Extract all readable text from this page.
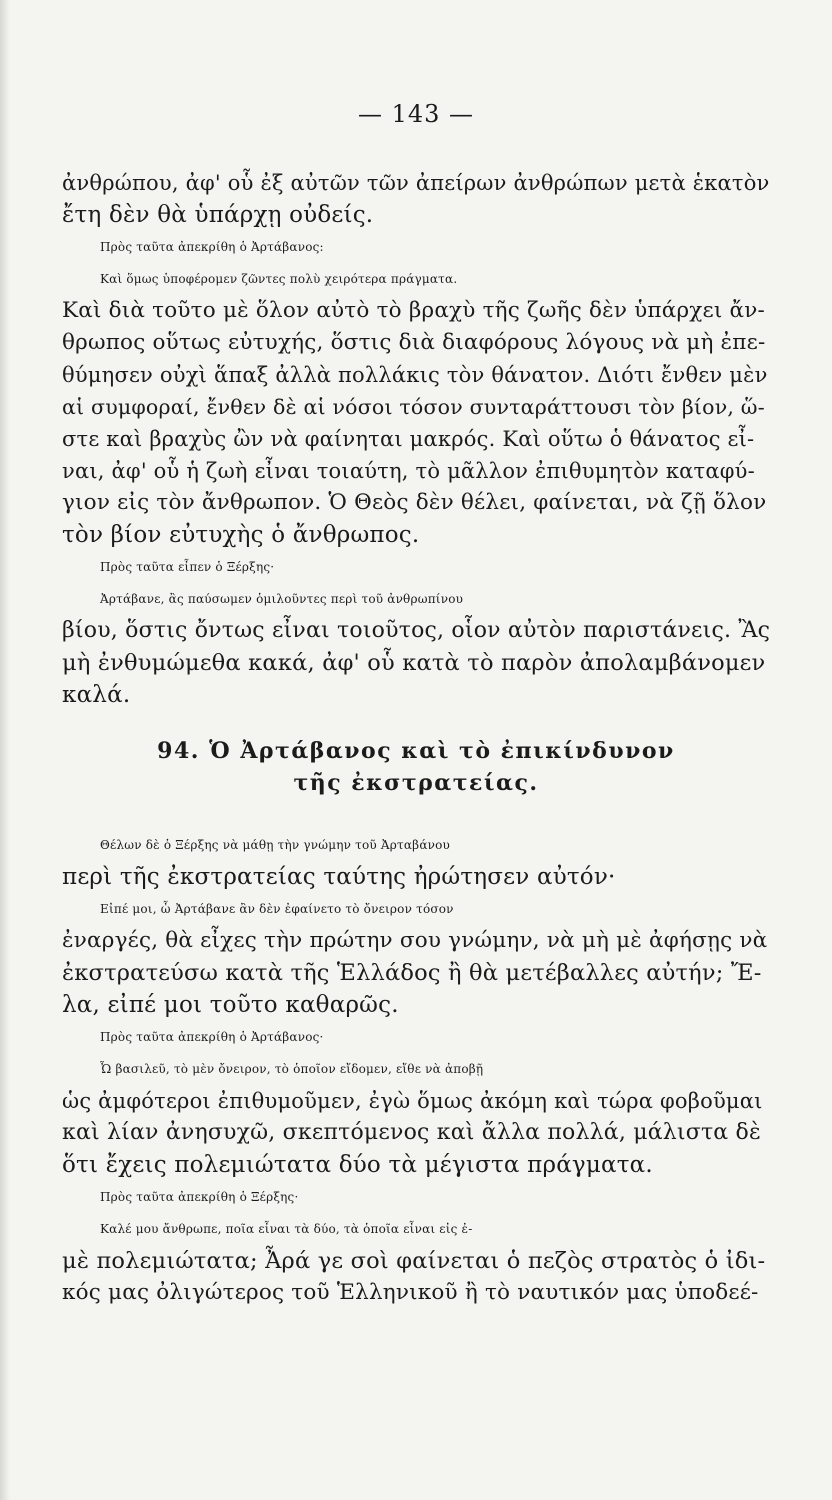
— 143 —
ἀνθρώπου, ἀφ' οὗ ἐξ αὐτῶν τῶν ἀπείρων ἀνθρώπων μετὰ ἑκατὸν
ἔτη δὲν θὰ ὑπάρχῃ οὐδείς.
Πρὸς ταῦτα ἀπεκρίθη ὁ Ἀρτάβανος:
Καὶ ὅμως ὑποφέρομεν ζῶντες πολὺ χειρότερα πράγματα.
Καὶ διὰ τοῦτο μὲ ὅλον αὐτὸ τὸ βραχὺ τῆς ζωῆς δὲν ὑπάρχει ἄν-
θρωπος οὕτως εὐτυχής, ὅστις διὰ διαφόρους λόγους νὰ μὴ ἐπε-
θύμησεν οὐχὶ ἅπαξ ἀλλὰ πολλάκις τὸν θάνατον. Διότι ἔνθεν μὲν
αἱ συμφοραί, ἔνθεν δὲ αἱ νόσοι τόσον συνταράττουσι τὸν βίον, ὥ-
στε καὶ βραχὺς ὢν νὰ φαίνηται μακρός. Καὶ οὕτω ὁ θάνατος εἶ-
ναι, ἀφ' οὗ ἡ ζωὴ εἶναι τοιαύτη, τὸ μᾶλλον ἐπιθυμητὸν καταφύ-
γιον εἰς τὸν ἄνθρωπον. Ὁ Θεὸς δὲν θέλει, φαίνεται, νὰ ζῇ ὅλον
τὸν βίον εὐτυχὴς ὁ ἄνθρωπος.
Πρὸς ταῦτα εἶπεν ὁ Ξέρξης·
Ἀρτάβανε, ἂς παύσωμεν ὁμιλοῦντες περὶ τοῦ ἀνθρωπίνου
βίου, ὅστις ὄντως εἶναι τοιοῦτος, οἷον αὐτὸν παριστάνεις. Ἂς
μὴ ἐνθυμώμεθα κακά, ἀφ' οὗ κατὰ τὸ παρὸν ἀπολαμβάνομεν
καλά.
94. Ὁ Ἀρτάβανος καὶ τὸ ἐπικίνδυνον
τῆς ἐκστρατείας.
Θέλων δὲ ὁ Ξέρξης νὰ μάθῃ τὴν γνώμην τοῦ Ἀρταβάνου
περὶ τῆς ἐκστρατείας ταύτης ἠρώτησεν αὐτόν·
Εἰπέ μοι, ὦ Ἀρτάβανε ἂν δὲν ἐφαίνετο τὸ ὄνειρον τόσον
ἐναργές, θὰ εἶχες τὴν πρώτην σου γνώμην, νὰ μὴ μὲ ἀφήσῃς νὰ
ἐκστρατεύσω κατὰ τῆς Ἑλλάδος ἢ θὰ μετέβαλλες αὐτήν; Ἔ-
λα, εἰπέ μοι τοῦτο καθαρῶς.
Πρὸς ταῦτα ἀπεκρίθη ὁ Ἀρτάβανος·
Ὦ βασιλεῦ, τὸ μὲν ὄνειρον, τὸ ὁποῖον εἴδομεν, εἴθε νὰ ἀποβῇ
ὡς ἀμφότεροι ἐπιθυμοῦμεν, ἐγὼ ὅμως ἀκόμη καὶ τώρα φοβοῦμαι
καὶ λίαν ἀνησυχῶ, σκεπτόμενος καὶ ἄλλα πολλά, μάλιστα δὲ
ὅτι ἔχεις πολεμιώτατα δύο τὰ μέγιστα πράγματα.
Πρὸς ταῦτα ἀπεκρίθη ὁ Ξέρξης·
Καλέ μου ἄνθρωπε, ποῖα εἶναι τὰ δύο, τὰ ὁποῖα εἶναι εἰς ἐ-
μὲ πολεμιώτατα; Ἆρά γε σοὶ φαίνεται ὁ πεζὸς στρατὸς ὁ ἰδι-
κός μας ὀλιγώτερος τοῦ Ἑλληνικοῦ ἢ τὸ ναυτικόν μας ὑποδεέ-
